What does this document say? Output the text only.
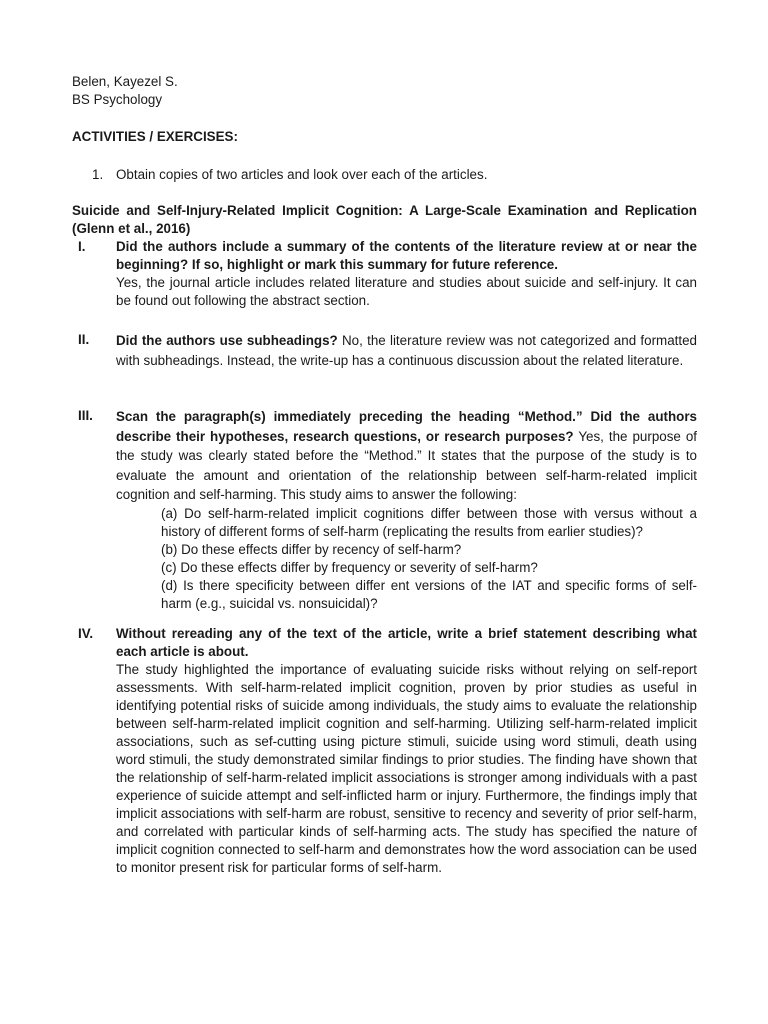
Belen, Kayezel S.
BS Psychology
ACTIVITIES / EXERCISES:
1. Obtain copies of two articles and look over each of the articles.
Suicide and Self-Injury-Related Implicit Cognition: A Large-Scale Examination and Replication (Glenn et al., 2016)
I.	Did the authors include a summary of the contents of the literature review at or near the beginning? If so, highlight or mark this summary for future reference.
Yes, the journal article includes related literature and studies about suicide and self-injury. It can be found out following the abstract section.
II.	Did the authors use subheadings? No, the literature review was not categorized and formatted with subheadings. Instead, the write-up has a continuous discussion about the related literature.
III.	Scan the paragraph(s) immediately preceding the heading “Method.” Did the authors describe their hypotheses, research questions, or research purposes? Yes, the purpose of the study was clearly stated before the “Method.” It states that the purpose of the study is to evaluate the amount and orientation of the relationship between self-harm-related implicit cognition and self-harming. This study aims to answer the following:
(a) Do self-harm-related implicit cognitions differ between those with versus without a history of different forms of self-harm (replicating the results from earlier studies)?
(b) Do these effects differ by recency of self-harm?
(c) Do these effects differ by frequency or severity of self-harm?
(d) Is there specificity between differ ent versions of the IAT and specific forms of self-harm (e.g., suicidal vs. nonsuicidal)?
IV.	Without rereading any of the text of the article, write a brief statement describing what each article is about.
The study highlighted the importance of evaluating suicide risks without relying on self-report assessments. With self-harm-related implicit cognition, proven by prior studies as useful in identifying potential risks of suicide among individuals, the study aims to evaluate the relationship between self-harm-related implicit cognition and self-harming. Utilizing self-harm-related implicit associations, such as sef-cutting using picture stimuli, suicide using word stimuli, death using word stimuli, the study demonstrated similar findings to prior studies. The finding have shown that the relationship of self-harm-related implicit associations is stronger among individuals with a past experience of suicide attempt and self-inflicted harm or injury. Furthermore, the findings imply that implicit associations with self-harm are robust, sensitive to recency and severity of prior self-harm, and correlated with particular kinds of self-harming acts. The study has specified the nature of implicit cognition connected to self-harm and demonstrates how the word association can be used to monitor present risk for particular forms of self-harm.
